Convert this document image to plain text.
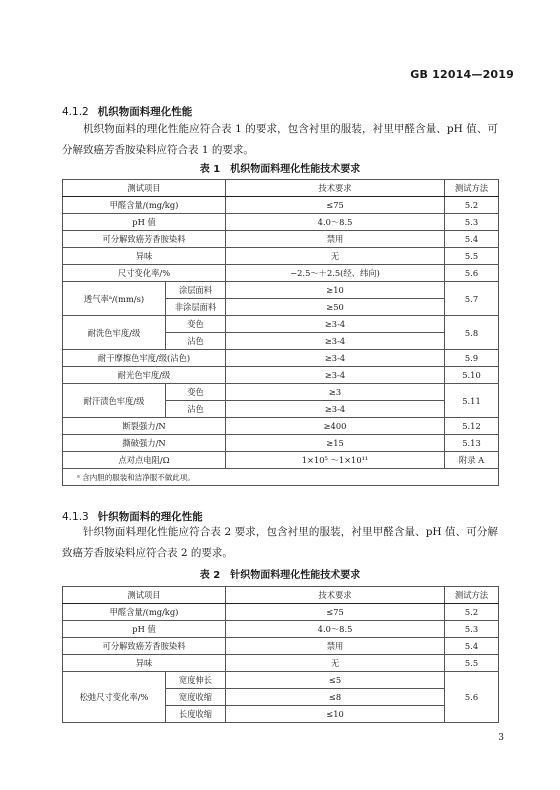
GB 12014—2019
4.1.2 机织物面料理化性能

机织物面料的理化性能应符合表 1 的要求，包含衬里的服装，衬里甲醛含量、pH 值、可分解致癌芳香胺染料应符合表 1 的要求。

表 1 机织物面料理化性能技术要求
测试项目		技术要求	测试方法
甲醛含量/(mg/kg)		≤75	5.2
pH 值		4.0～8.5	5.3
可分解致癌芳香胺染料		禁用	5.4
异味		无	5.5
尺寸变化率/%		−2.5～＋2.5(经、纬向)	5.6
透气率ᵃ/(mm/s)	涂层面料	≥10	5.7
	非涂层面料	≥50	
耐洗色牢度/级	变色	≥3-4	5.8
	沾色	≥3-4	
耐干摩擦色牢度/级(沾色)		≥3-4	5.9
耐光色牢度/级		≥3-4	5.10
耐汗渍色牢度/级	变色	≥3	5.11
	沾色	≥3-4	
断裂强力/N		≥400	5.12
撕破强力/N		≥15	5.13
点对点电阻/Ω		1×10⁵ ～1×10¹¹	附录 A
ᵃ 含内胆的服装和洁净服不做此项。			
4.1.3 针织物面料的理化性能

针织物面料理化性能应符合表 2 要求，包含衬里的服装，衬里甲醛含量、pH 值、可分解致癌芳香胺染料应符合表 2 的要求。

表 2 针织物面料理化性能技术要求
测试项目		技术要求	测试方法
甲醛含量/(mg/kg)		≤75	5.2
pH 值		4.0～8.5	5.3
可分解致癌芳香胺染料		禁用	5.4
异味		无	5.5
松弛尺寸变化率/%	宽度伸长	≤5	5.6
	宽度收缩	≤8	
	长度收缩	≤10	
3
